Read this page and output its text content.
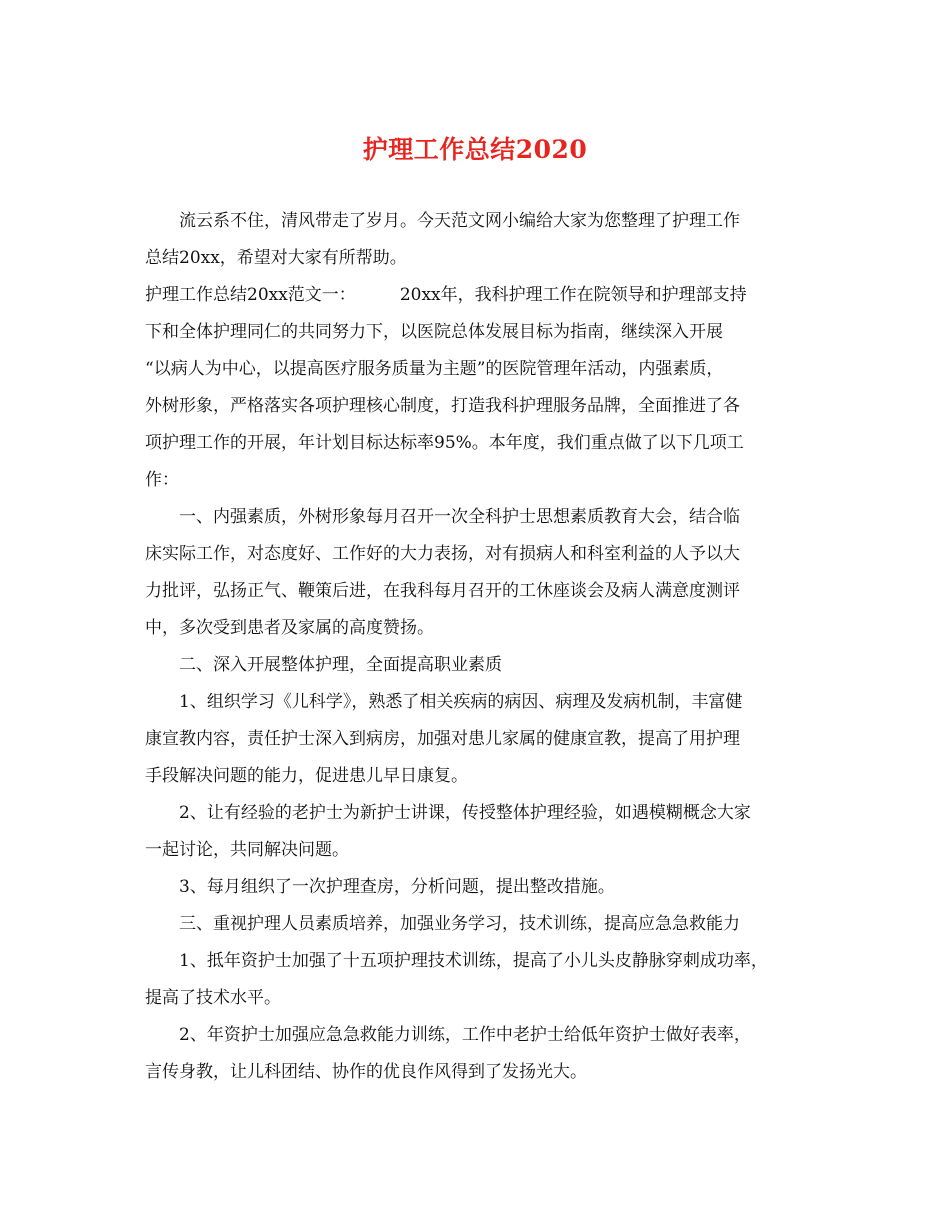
护理工作总结2020
流云系不住，清风带走了岁月。今天范文网小编给大家为您整理了护理工作
总结20xx，希望对大家有所帮助。
护理工作总结20xx范文一：	20xx年，我科护理工作在院领导和护理部支持
下和全体护理同仁的共同努力下，以医院总体发展目标为指南，继续深入开展
“以病人为中心，以提高医疗服务质量为主题”的医院管理年活动，内强素质，
外树形象，严格落实各项护理核心制度，打造我科护理服务品牌，全面推进了各
项护理工作的开展，年计划目标达标率95%。本年度，我们重点做了以下几项工
作：
一、内强素质，外树形象每月召开一次全科护士思想素质教育大会，结合临
床实际工作，对态度好、工作好的大力表扬，对有损病人和科室利益的人予以大
力批评，弘扬正气、鞭策后进，在我科每月召开的工休座谈会及病人满意度测评
中，多次受到患者及家属的高度赞扬。
二、深入开展整体护理，全面提高职业素质
1、组织学习《儿科学》，熟悉了相关疾病的病因、病理及发病机制，丰富健
康宣教内容，责任护士深入到病房，加强对患儿家属的健康宣教，提高了用护理
手段解决问题的能力，促进患儿早日康复。
2、让有经验的老护士为新护士讲课，传授整体护理经验，如遇模糊概念大家
一起讨论，共同解决问题。
3、每月组织了一次护理查房，分析问题，提出整改措施。
三、重视护理人员素质培养，加强业务学习，技术训练，提高应急急救能力
1、抵年资护士加强了十五项护理技术训练，提高了小儿头皮静脉穿刺成功率，
提高了技术水平。
2、年资护士加强应急急救能力训练，工作中老护士给低年资护士做好表率，
言传身教，让儿科团结、协作的优良作风得到了发扬光大。
